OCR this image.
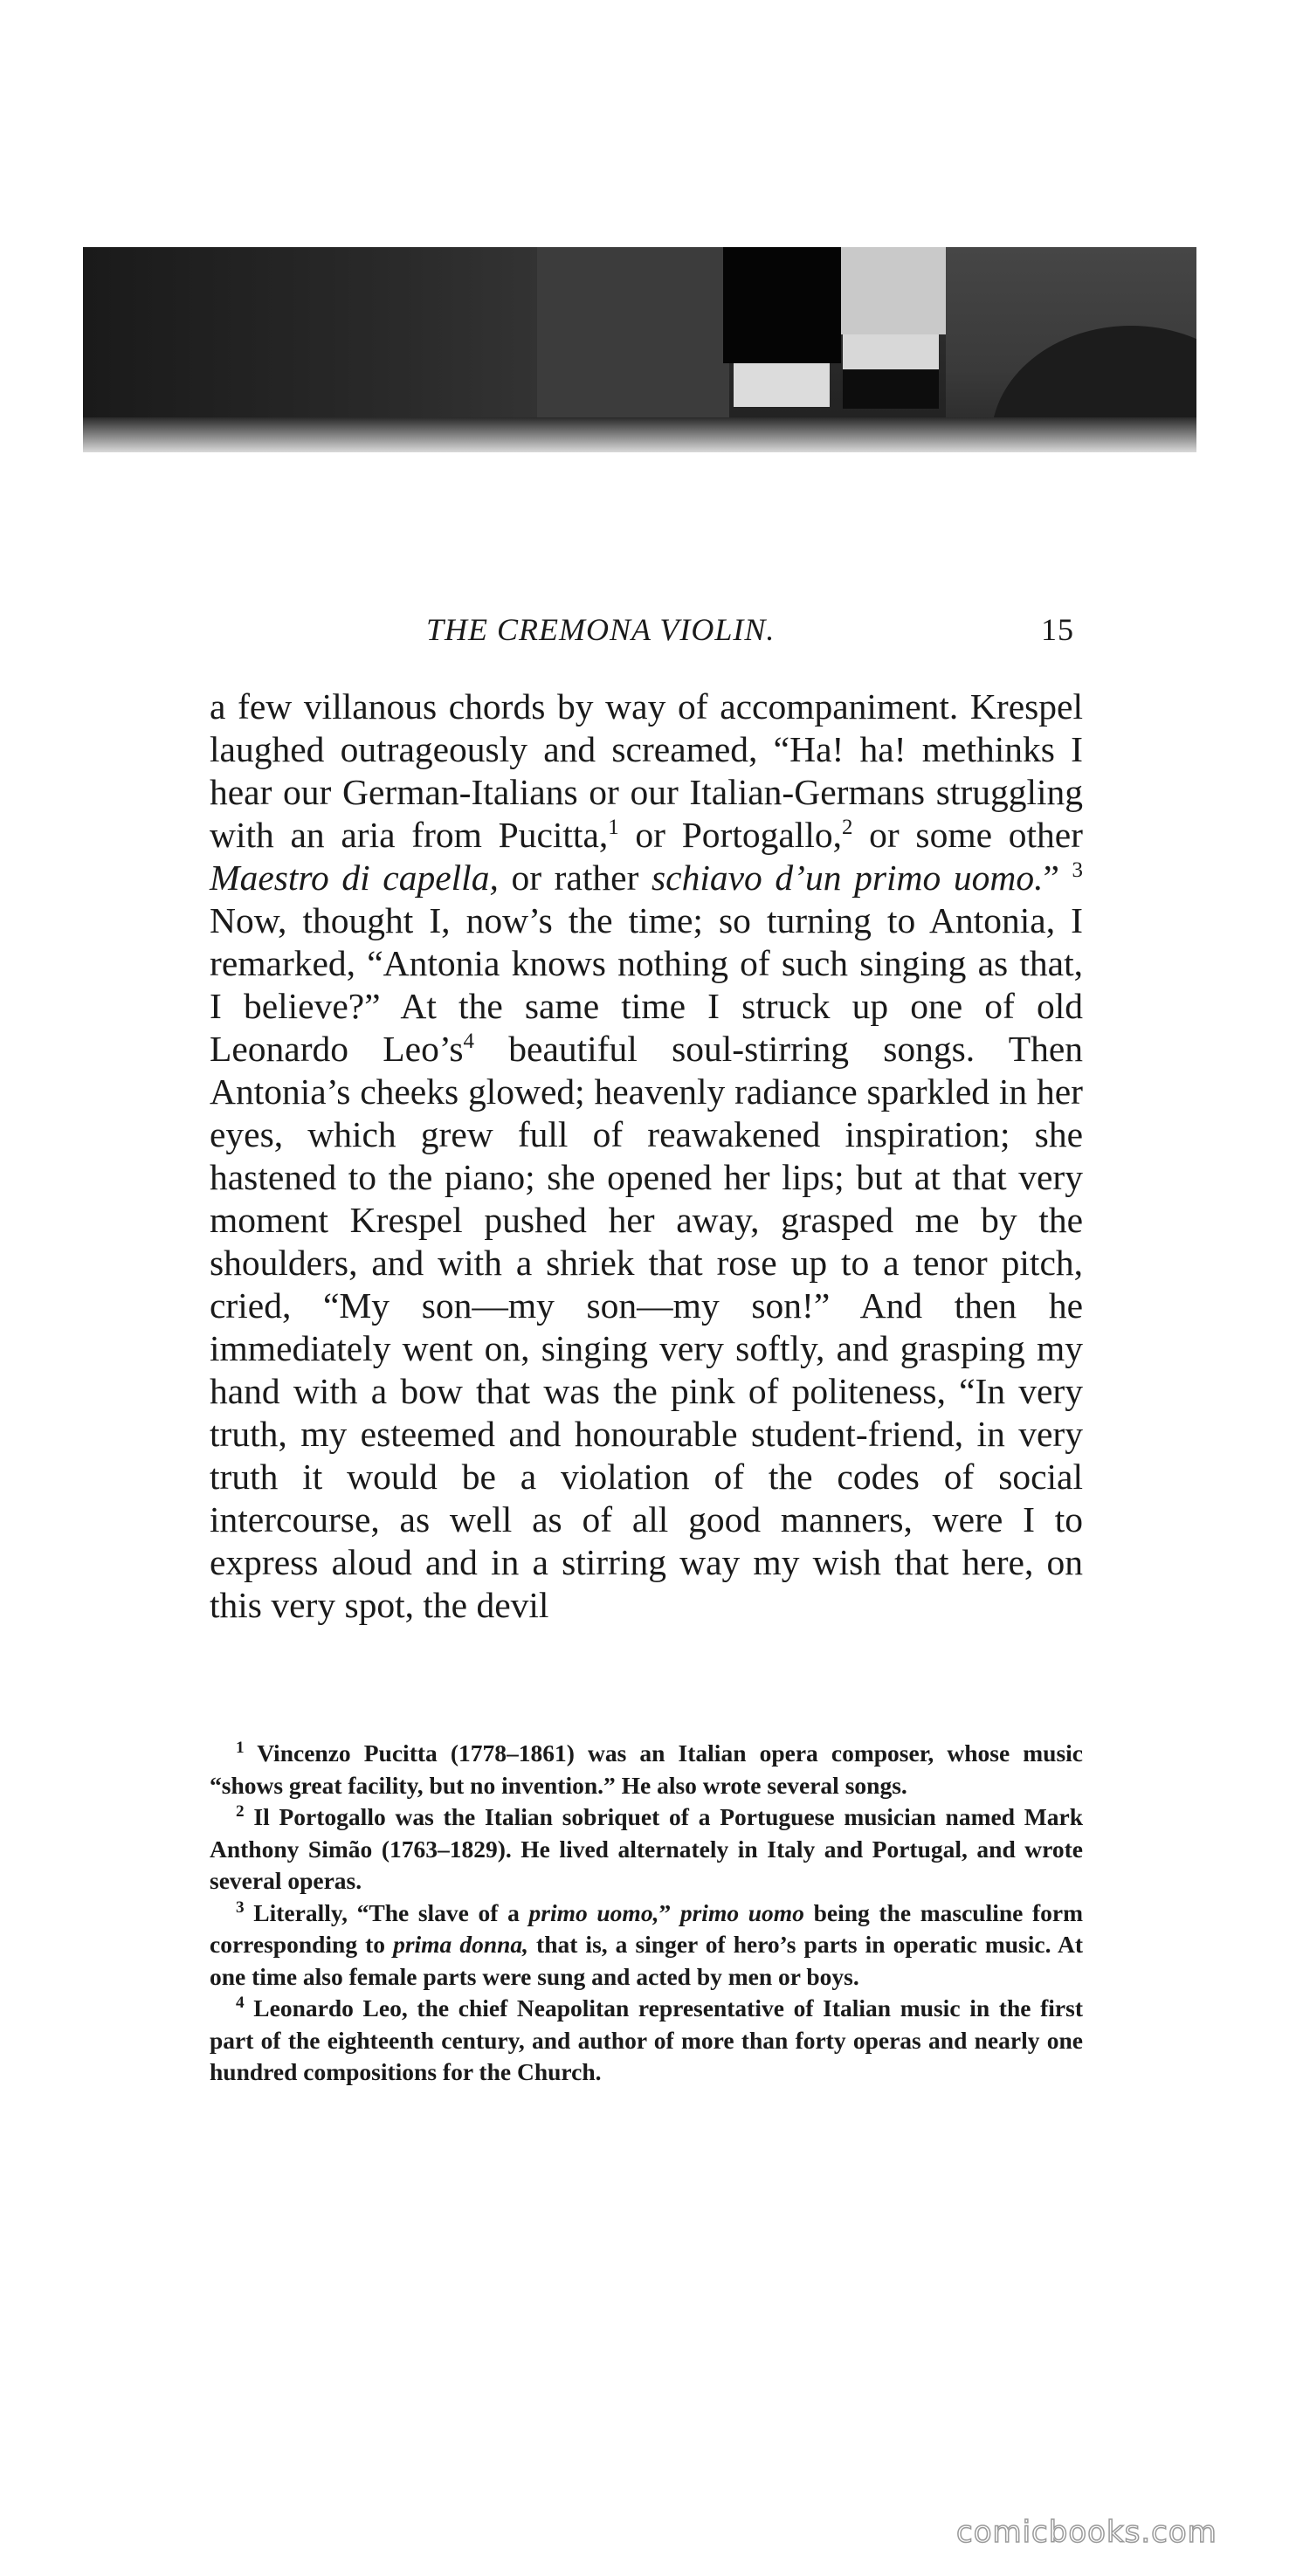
THE CREMONA VIOLIN.	15

a few villanous chords by way of accompaniment. Krespel laughed outrageously and screamed, “Ha! ha! methinks I hear our German-Italians or our Italian-Germans struggling with an aria from Pucitta,$^1$ or Portogallo,$^2$ or some other Maestro di capella, or rather schiavo d’un primo uomo.” $^3$ Now, thought I, now’s the time; so turning to Antonia, I remarked, “Antonia knows nothing of such singing as that, I believe?” At the same time I struck up one of old Leonardo Leo’s$^4$ beautiful soul-stirring songs. Then Antonia’s cheeks glowed; heavenly radiance sparkled in her eyes, which grew full of reawakened inspiration; she hastened to the piano; she opened her lips; but at that very moment Krespel pushed her away, grasped me by the shoulders, and with a shriek that rose up to a tenor pitch, cried, “My son—my son—my son!” And then he immediately went on, singing very softly, and grasping my hand with a bow that was the pink of politeness, “In very truth, my esteemed and honourable student-friend, in very truth it would be a violation of the codes of social intercourse, as well as of all good manners, were I to express aloud and in a stirring way my wish that here, on this very spot, the devil

$^1$ Vincenzo Pucitta (1778–1861) was an Italian opera composer, whose music “shows great facility, but no invention.” He also wrote several songs.

$^2$ Il Portogallo was the Italian sobriquet of a Portuguese musician named Mark Anthony Simão (1763–1829). He lived alternately in Italy and Portugal, and wrote several operas.

$^3$ Literally, “The slave of a primo uomo,” primo uomo being the masculine form corresponding to prima donna, that is, a singer of hero’s parts in operatic music. At one time also female parts were sung and acted by men or boys.

$^4$ Leonardo Leo, the chief Neapolitan representative of Italian music in the first part of the eighteenth century, and author of more than forty operas and nearly one hundred compositions for the Church.

comicbooks.com
